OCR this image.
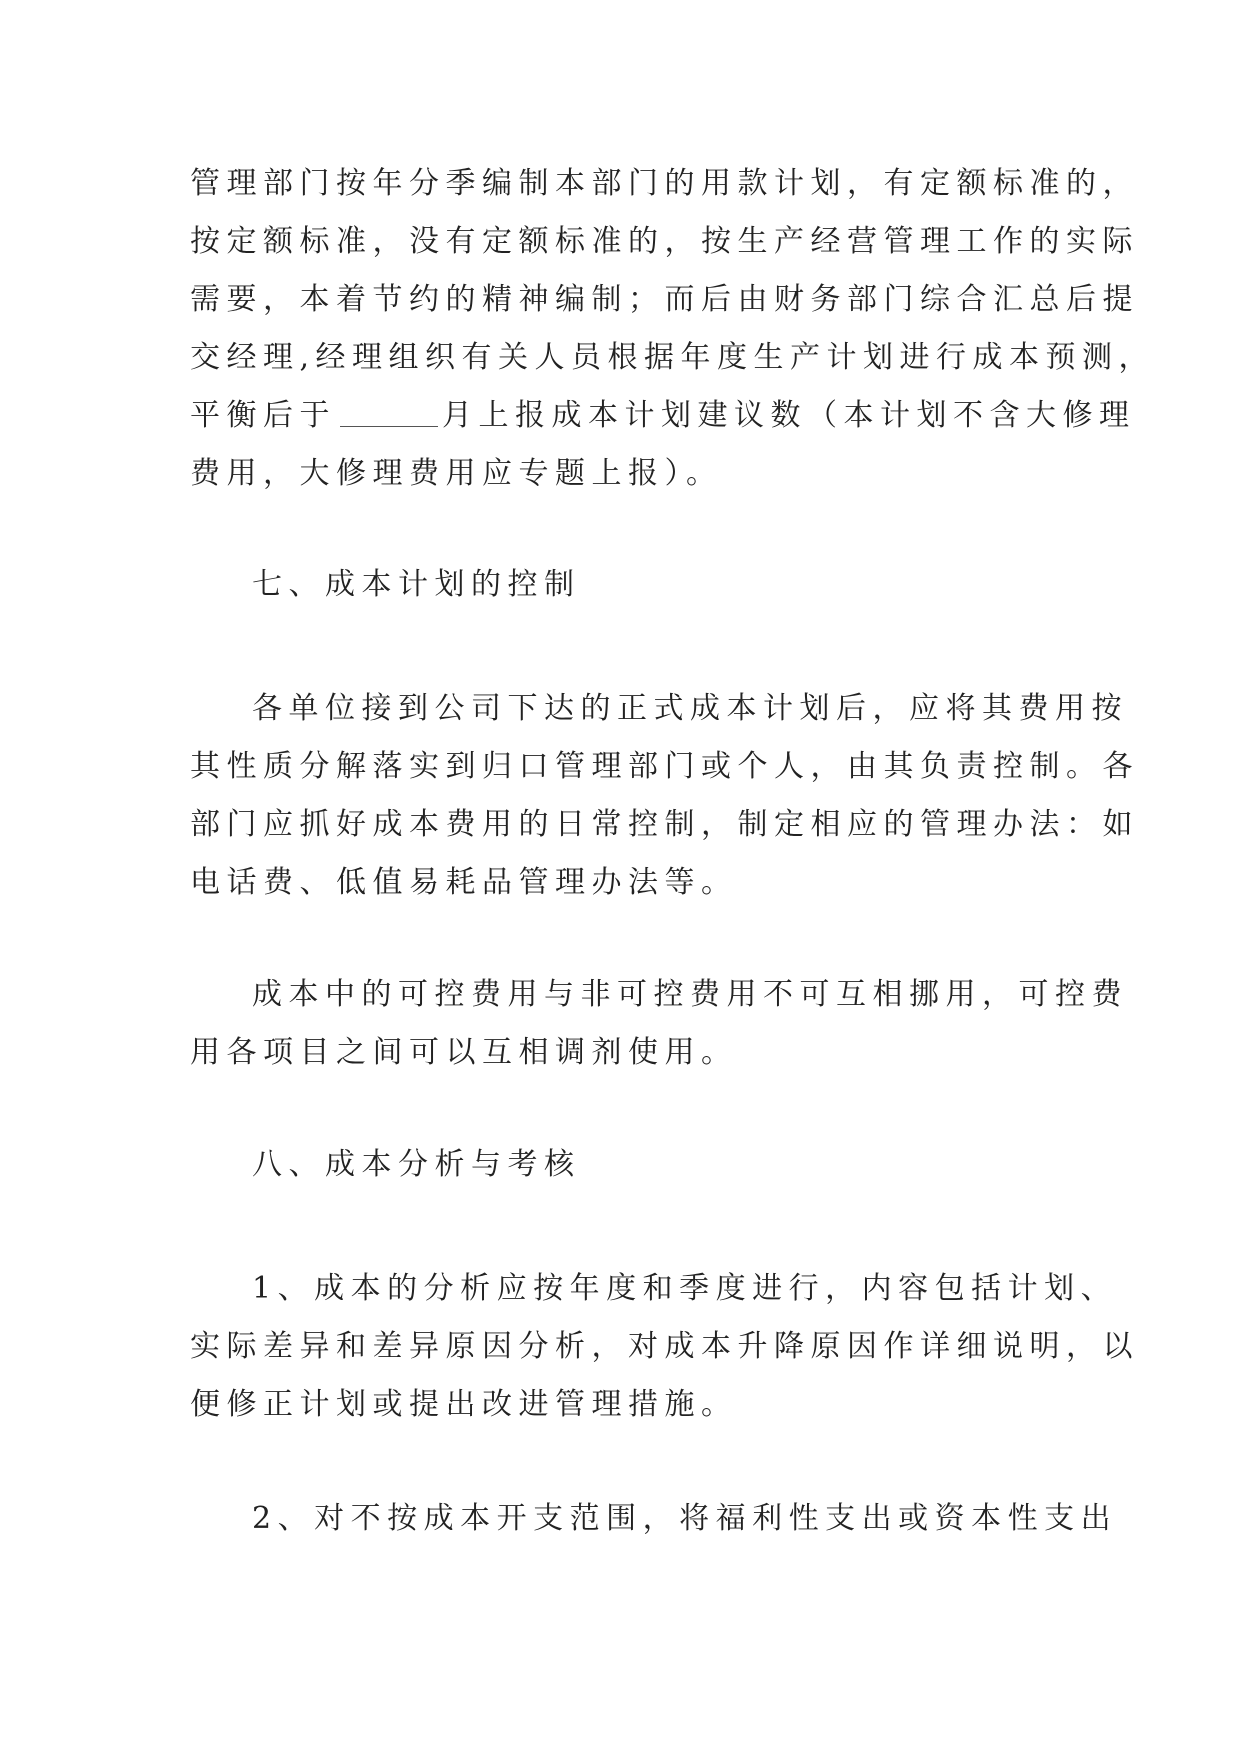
管理部门按年分季编制本部门的用款计划，有定额标准的，
按定额标准，没有定额标准的，按生产经营管理工作的实际
需要，本着节约的精神编制；而后由财务部门综合汇总后提
交经理,经理组织有关人员根据年度生产计划进行成本预测，
平衡后于	月上报成本计划建议数（本计划不含大修理
费用，大修理费用应专题上报）。
七、成本计划的控制
各单位接到公司下达的正式成本计划后，应将其费用按
其性质分解落实到归口管理部门或个人，由其负责控制。各
部门应抓好成本费用的日常控制，制定相应的管理办法：如
电话费、低值易耗品管理办法等。
成本中的可控费用与非可控费用不可互相挪用，可控费
用各项目之间可以互相调剂使用。
八、成本分析与考核
1、成本的分析应按年度和季度进行，内容包括计划、
实际差异和差异原因分析，对成本升降原因作详细说明，以
便修正计划或提出改进管理措施。
2、对不按成本开支范围，将福利性支出或资本性支出
